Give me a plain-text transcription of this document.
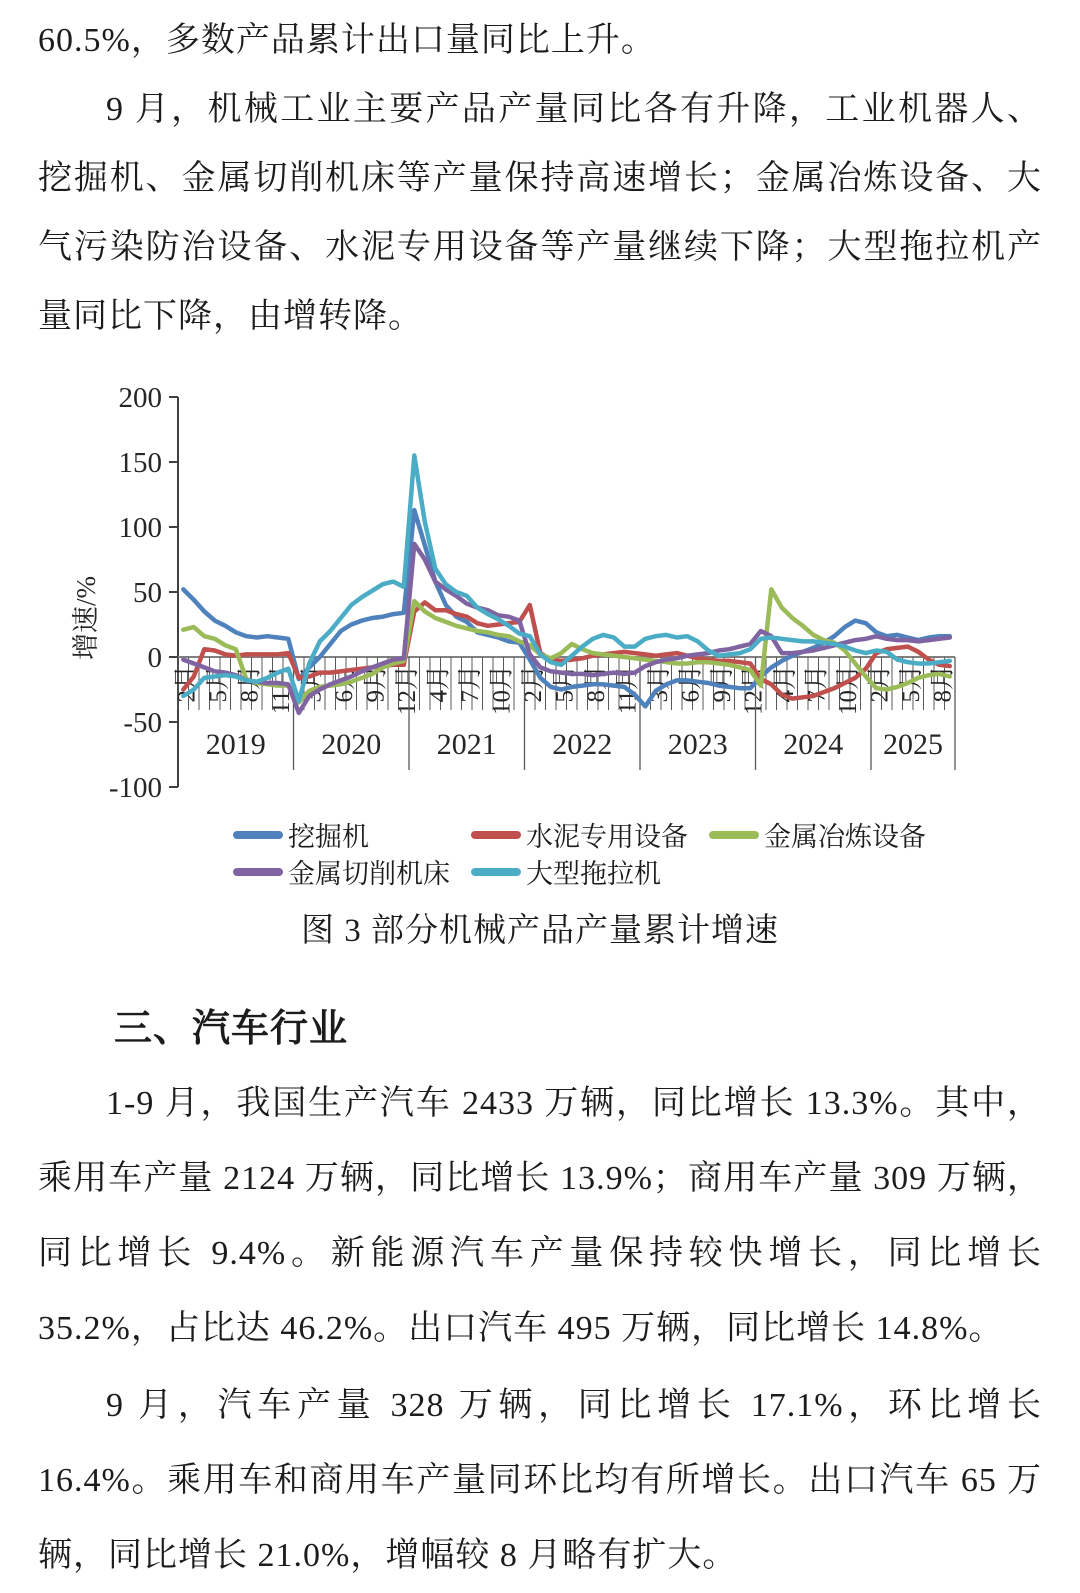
60.5%，多数产品累计出口量同比上升。

9 月，机械工业主要产品产量同比各有升降，工业机器人、挖掘机、金属切削机床等产量保持高速增长；金属冶炼设备、大气污染防治设备、水泥专用设备等产量继续下降；大型拖拉机产量同比下降，由增转降。

200
150
100
50
0
-50
-100
增速/%
2月 5月 8月 11月 3月 6月 9月 12月 4月 7月 10月 2月 5月 8月 11月 3月 6月 9月 12月 4月 7月 10月 2月 5月 8月
2019 2020 2021 2022 2023 2024 2025
挖掘机	水泥专用设备	金属冶炼设备
金属切削机床	大型拖拉机
图 3 部分机械产品产量累计增速
三、汽车行业

1-9 月，我国生产汽车 2433 万辆，同比增长 13.3%。其中，乘用车产量 2124 万辆，同比增长 13.9%；商用车产量 309 万辆，同比增长 9.4%。新能源汽车产量保持较快增长，同比增长 35.2%，占比达 46.2%。出口汽车 495 万辆，同比增长 14.8%。

9 月，汽车产量 328 万辆，同比增长 17.1%，环比增长 16.4%。乘用车和商用车产量同环比均有所增长。出口汽车 65 万辆，同比增长 21.0%，增幅较 8 月略有扩大。
